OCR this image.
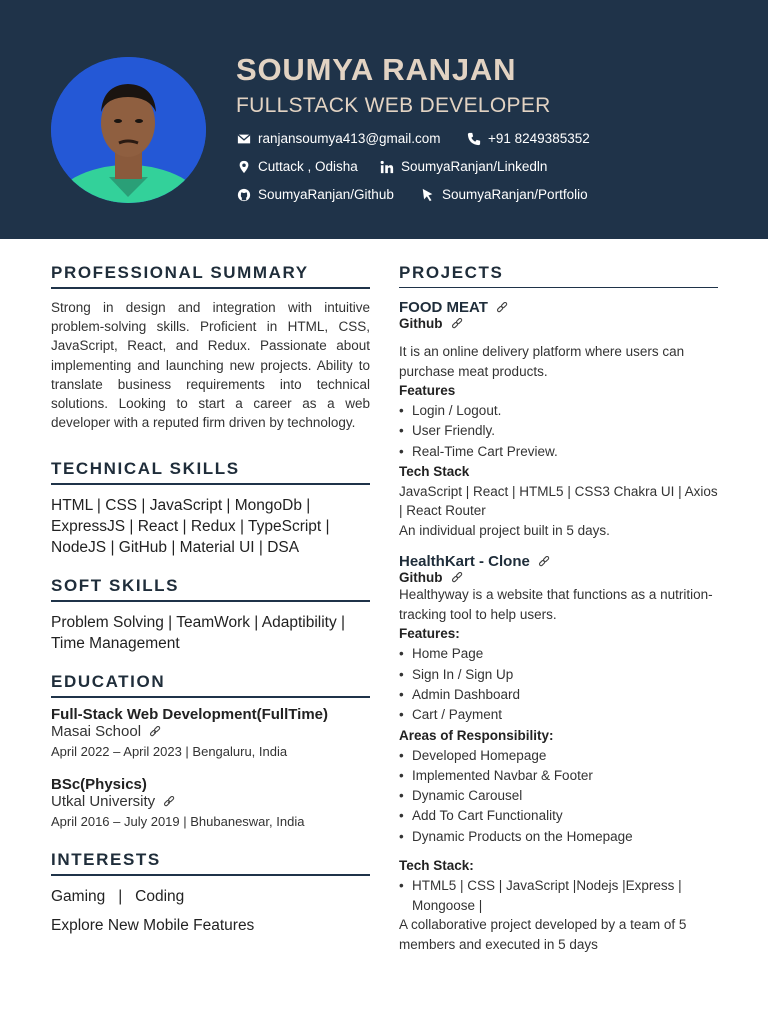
SOUMYA RANJAN
FULLSTACK WEB DEVELOPER
ranjansoumya413@gmail.com	+91 8249385352
Cuttack , Odisha	SoumyaRanjan/Linkedln
SoumyaRanjan/Github	SoumyaRanjan/Portfolio
PROFESSIONAL SUMMARY
Strong in design and integration with intuitive problem-solving skills. Proficient in HTML, CSS, JavaScript, React, and Redux. Passionate about implementing and launching new projects. Ability to translate business requirements into technical solutions. Looking to start a career as a web developer with a reputed firm driven by technology.
TECHNICAL SKILLS
HTML | CSS | JavaScript | MongoDb | ExpressJS | React | Redux | TypeScript | NodeJS | GitHub | Material UI | DSA
SOFT SKILLS
Problem Solving | TeamWork | Adaptibility | Time Management
EDUCATION
Full-Stack Web Development(FullTime)
Masai School
April 2022 – April 2023 | Bengaluru, India
BSc(Physics)
Utkal University
April 2016 – July 2019 | Bhubaneswar, India
INTERESTS
Gaming   |   Coding
Explore New Mobile Features
PROJECTS
FOOD MEAT
Github
It is an online delivery platform where users can purchase meat products.
Features
• Login / Logout.
• User Friendly.
• Real-Time Cart Preview.
Tech Stack
JavaScript | React | HTML5 | CSS3 Chakra UI | Axios | React Router
An individual project built in 5 days.
HealthKart - Clone
Github
Healthyway is a website that functions as a nutrition-tracking tool to help users.
Features:
• Home Page
• Sign In / Sign Up
• Admin Dashboard
• Cart / Payment
Areas of Responsibility:
• Developed Homepage
• Implemented Navbar & Footer
• Dynamic Carousel
• Add To Cart Functionality
• Dynamic Products on the Homepage
Tech Stack:
• HTML5 | CSS | JavaScript |Nodejs |Express | Mongoose |
A collaborative project developed by a team of 5 members and executed in 5 days
